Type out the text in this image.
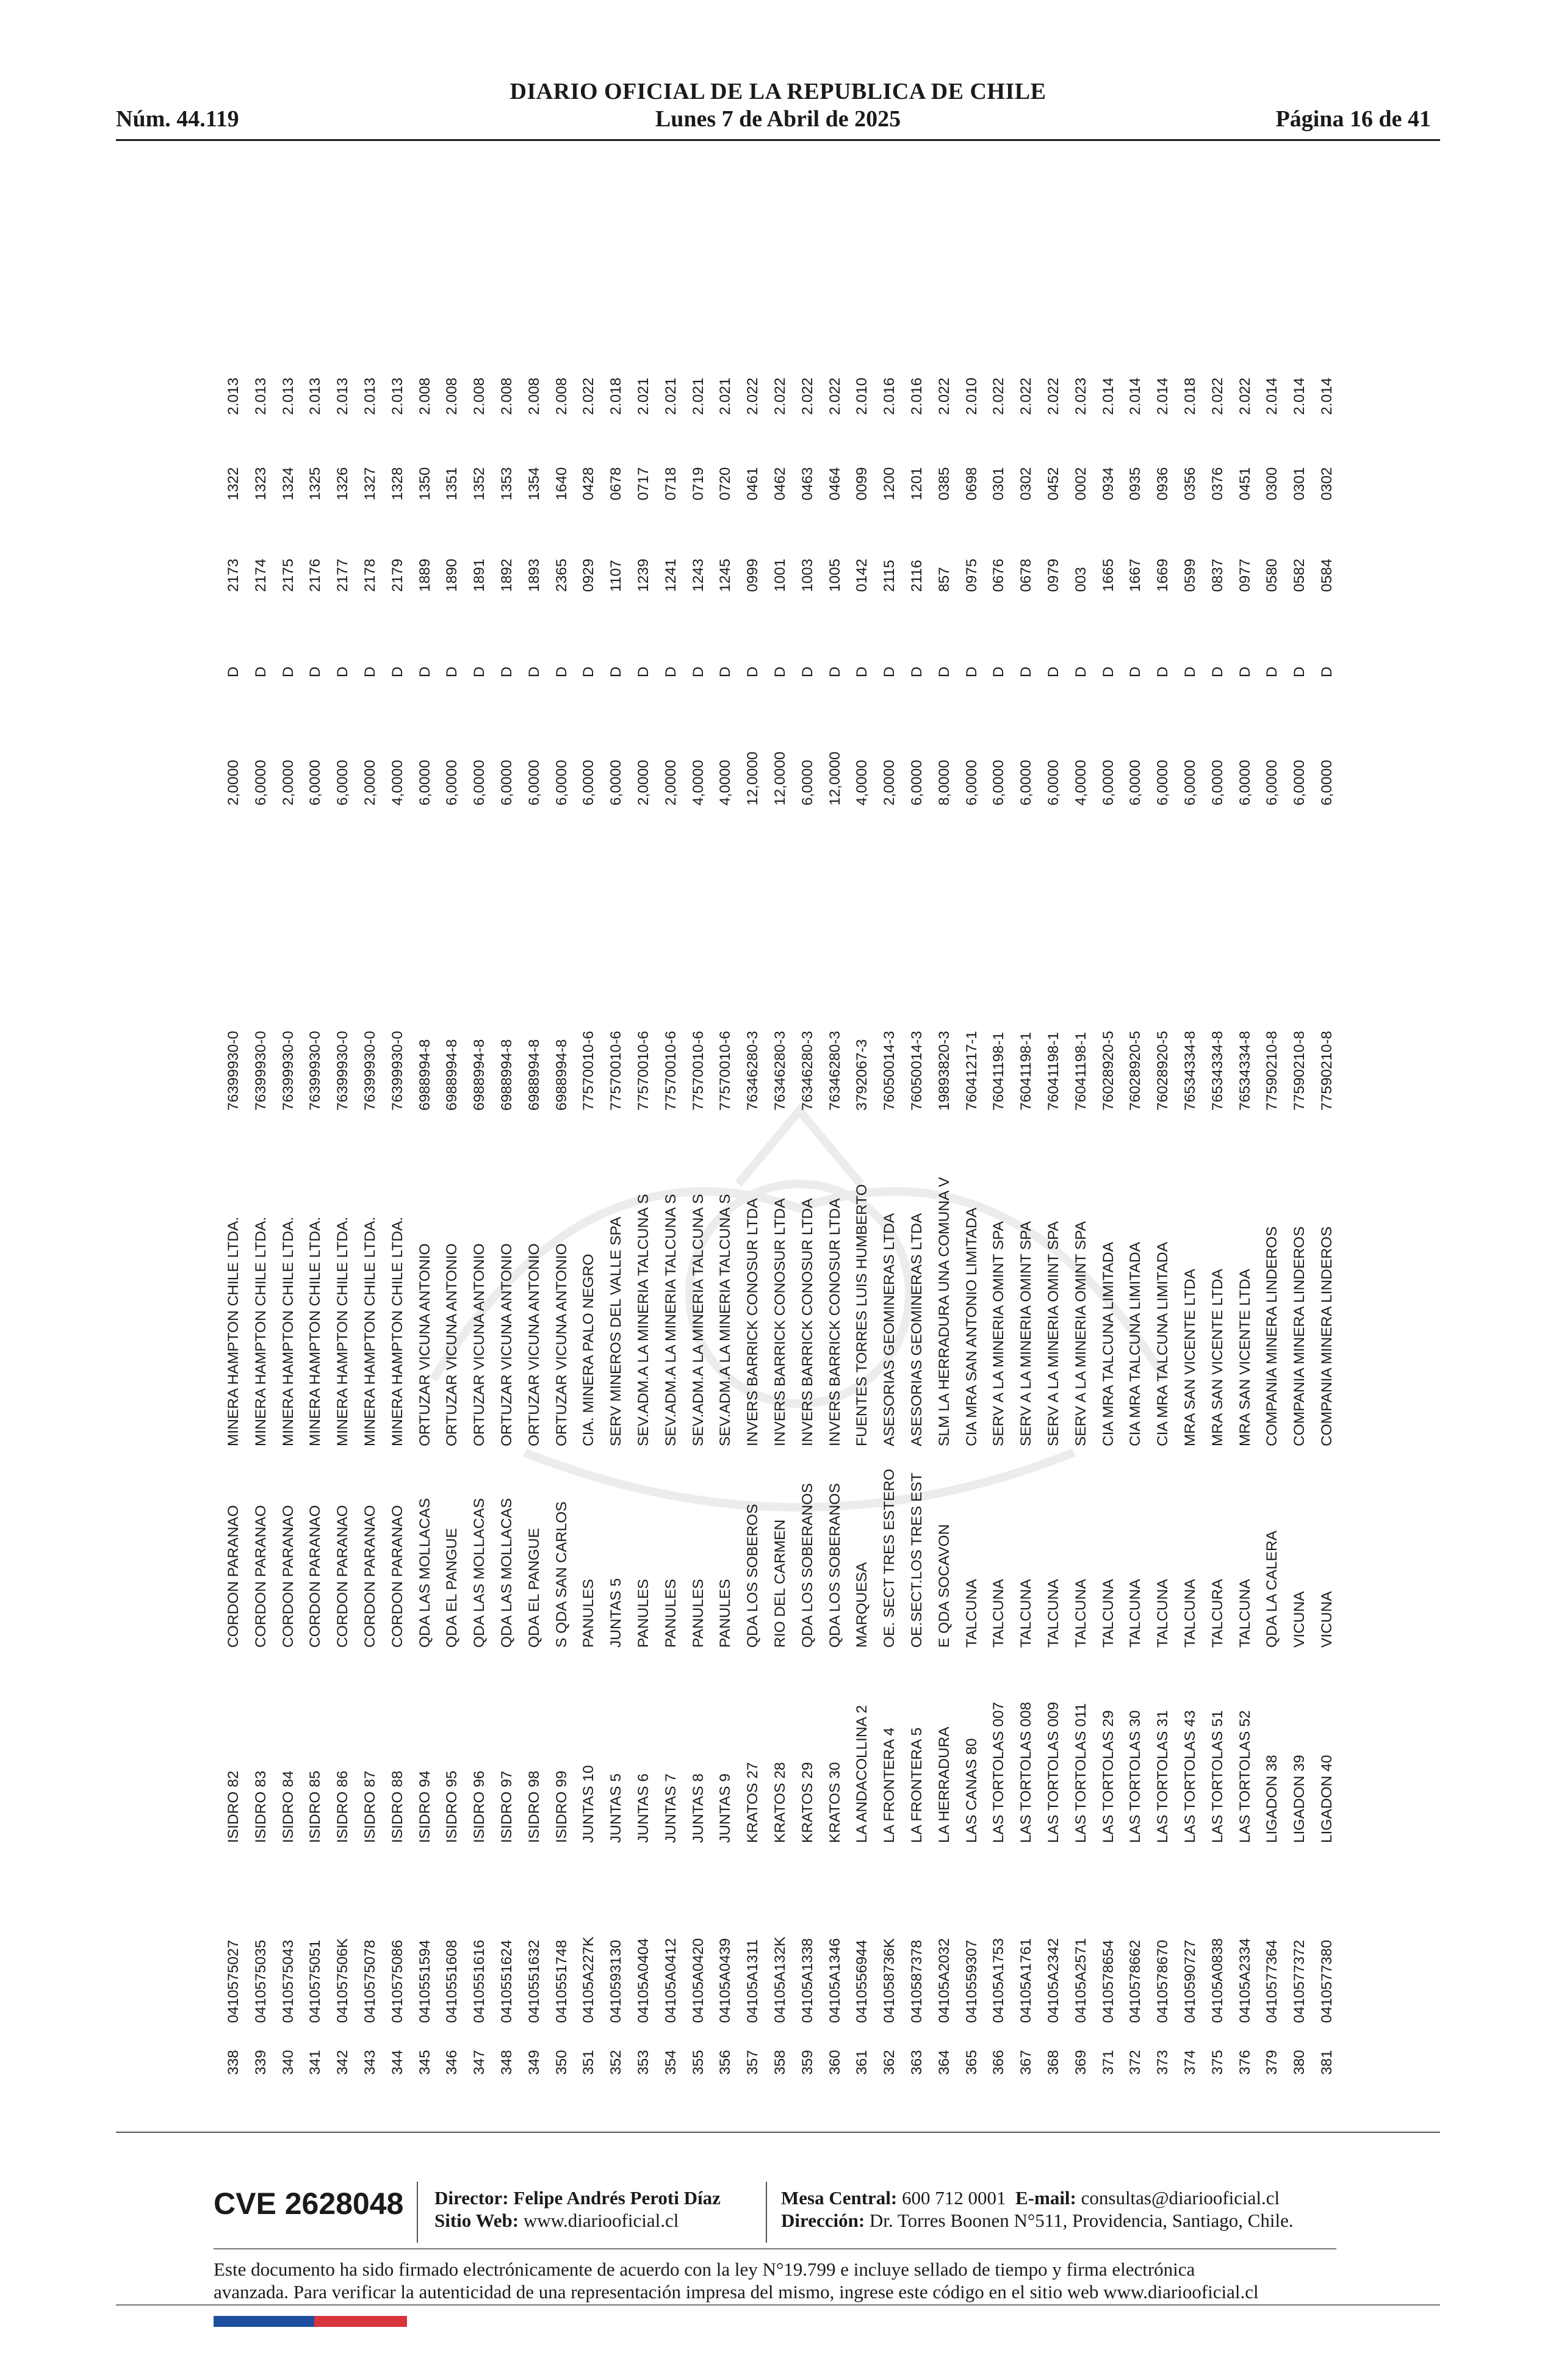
DIARIO OFICIAL DE LA REPUBLICA DE CHILE
Núm. 44.119	Lunes 7 de Abril de 2025	Página 16 de 41
338
0410575027
ISIDRO 82
CORDON PARANAO
MINERA HAMPTON CHILE LTDA.
76399930-0
2,0000
D
2173
1322
2.013
339
0410575035
ISIDRO 83
CORDON PARANAO
MINERA HAMPTON CHILE LTDA.
76399930-0
6,0000
D
2174
1323
2.013
340
0410575043
ISIDRO 84
CORDON PARANAO
MINERA HAMPTON CHILE LTDA.
76399930-0
2,0000
D
2175
1324
2.013
341
0410575051
ISIDRO 85
CORDON PARANAO
MINERA HAMPTON CHILE LTDA.
76399930-0
6,0000
D
2176
1325
2.013
342
041057506K
ISIDRO 86
CORDON PARANAO
MINERA HAMPTON CHILE LTDA.
76399930-0
6,0000
D
2177
1326
2.013
343
0410575078
ISIDRO 87
CORDON PARANAO
MINERA HAMPTON CHILE LTDA.
76399930-0
2,0000
D
2178
1327
2.013
344
0410575086
ISIDRO 88
CORDON PARANAO
MINERA HAMPTON CHILE LTDA.
76399930-0
4,0000
D
2179
1328
2.013
345
0410551594
ISIDRO 94
QDA LAS MOLLACAS
ORTUZAR VICUNA ANTONIO
6988994-8
6,0000
D
1889
1350
2.008
346
0410551608
ISIDRO 95
QDA EL PANGUE
ORTUZAR VICUNA ANTONIO
6988994-8
6,0000
D
1890
1351
2.008
347
0410551616
ISIDRO 96
QDA LAS MOLLACAS
ORTUZAR VICUNA ANTONIO
6988994-8
6,0000
D
1891
1352
2.008
348
0410551624
ISIDRO 97
QDA LAS MOLLACAS
ORTUZAR VICUNA ANTONIO
6988994-8
6,0000
D
1892
1353
2.008
349
0410551632
ISIDRO 98
QDA EL PANGUE
ORTUZAR VICUNA ANTONIO
6988994-8
6,0000
D
1893
1354
2.008
350
0410551748
ISIDRO 99
S QDA SAN CARLOS
ORTUZAR VICUNA ANTONIO
6988994-8
6,0000
D
2365
1640
2.008
351
04105A227K
JUNTAS 10
PANULES
CIA. MINERA PALO NEGRO
77570010-6
6,0000
D
0929
0428
2.022
352
0410593130
JUNTAS 5
JUNTAS 5
SERV MINEROS DEL VALLE SPA
77570010-6
6,0000
D
1107
0678
2.018
353
04105A0404
JUNTAS 6
PANULES
SEV.ADM.A LA MINERIA TALCUNA S
77570010-6
2,0000
D
1239
0717
2.021
354
04105A0412
JUNTAS 7
PANULES
SEV.ADM.A LA MINERIA TALCUNA S
77570010-6
2,0000
D
1241
0718
2.021
355
04105A0420
JUNTAS 8
PANULES
SEV.ADM.A LA MINERIA TALCUNA S
77570010-6
4,0000
D
1243
0719
2.021
356
04105A0439
JUNTAS 9
PANULES
SEV.ADM.A LA MINERIA TALCUNA S
77570010-6
4,0000
D
1245
0720
2.021
357
04105A1311
KRATOS 27
QDA LOS SOBEROS
INVERS BARRICK CONOSUR LTDA
76346280-3
12,0000
D
0999
0461
2.022
358
04105A132K
KRATOS 28
RIO DEL CARMEN
INVERS BARRICK CONOSUR LTDA
76346280-3
12,0000
D
1001
0462
2.022
359
04105A1338
KRATOS 29
QDA LOS SOBERANOS
INVERS BARRICK CONOSUR LTDA
76346280-3
6,0000
D
1003
0463
2.022
360
04105A1346
KRATOS 30
QDA LOS SOBERANOS
INVERS BARRICK CONOSUR LTDA
76346280-3
12,0000
D
1005
0464
2.022
361
0410556944
LA ANDACOLLINA 2
MARQUESA
FUENTES TORRES LUIS HUMBERTO
3792067-3
4,0000
D
0142
0099
2.010
362
041058736K
LA FRONTERA 4
OE. SECT TRES ESTERO
ASESORIAS GEOMINERAS LTDA
76050014-3
2,0000
D
2115
1200
2.016
363
0410587378
LA FRONTERA 5
OE.SECT.LOS TRES EST
ASESORIAS GEOMINERAS LTDA
76050014-3
6,0000
D
2116
1201
2.016
364
04105A2032
LA HERRADURA
E QDA SOCAVON
SLM LA HERRADURA UNA COMUNA V
19893820-3
8,0000
D
857
0385
2.022
365
0410559307
LAS CANAS 80
TALCUNA
CIA MRA SAN ANTONIO LIMITADA
76041217-1
6,0000
D
0975
0698
2.010
366
04105A1753
LAS TORTOLAS 007
TALCUNA
SERV A LA MINERIA OMINT SPA
76041198-1
6,0000
D
0676
0301
2.022
367
04105A1761
LAS TORTOLAS 008
TALCUNA
SERV A LA MINERIA OMINT SPA
76041198-1
6,0000
D
0678
0302
2.022
368
04105A2342
LAS TORTOLAS 009
TALCUNA
SERV A LA MINERIA OMINT SPA
76041198-1
6,0000
D
0979
0452
2.022
369
04105A2571
LAS TORTOLAS 011
TALCUNA
SERV A LA MINERIA OMINT SPA
76041198-1
4,0000
D
003
0002
2.023
371
0410578654
LAS TORTOLAS 29
TALCUNA
CIA MRA TALCUNA LIMITADA
76028920-5
6,0000
D
1665
0934
2.014
372
0410578662
LAS TORTOLAS 30
TALCUNA
CIA MRA TALCUNA LIMITADA
76028920-5
6,0000
D
1667
0935
2.014
373
0410578670
LAS TORTOLAS 31
TALCUNA
CIA MRA TALCUNA LIMITADA
76028920-5
6,0000
D
1669
0936
2.014
374
0410590727
LAS TORTOLAS 43
TALCUNA
MRA SAN VICENTE LTDA
76534334-8
6,0000
D
0599
0356
2.018
375
04105A0838
LAS TORTOLAS 51
TALCURA
MRA SAN VICENTE LTDA
76534334-8
6,0000
D
0837
0376
2.022
376
04105A2334
LAS TORTOLAS 52
TALCUNA
MRA SAN VICENTE LTDA
76534334-8
6,0000
D
0977
0451
2.022
379
0410577364
LIGADON 38
QDA LA CALERA
COMPANIA MINERA LINDEROS
77590210-8
6,0000
D
0580
0300
2.014
380
0410577372
LIGADON 39
VICUNA
COMPANIA MINERA LINDEROS
77590210-8
6,0000
D
0582
0301
2.014
381
0410577380
LIGADON 40
VICUNA
COMPANIA MINERA LINDEROS
77590210-8
6,0000
D
0584
0302
2.014
CVE 2628048 Director: Felipe Andrés Peroti Díaz
Sitio Web: www.diariooficial.cl
Mesa Central: 600 712 0001 E-mail: consultas@diariooficial.cl
Dirección: Dr. Torres Boonen N°511, Providencia, Santiago, Chile.
Este documento ha sido firmado electrónicamente de acuerdo con la ley N°19.799 e incluye sellado de tiempo y firma electrónica
avanzada. Para verificar la autenticidad de una representación impresa del mismo, ingrese este código en el sitio web www.diariooficial.cl
